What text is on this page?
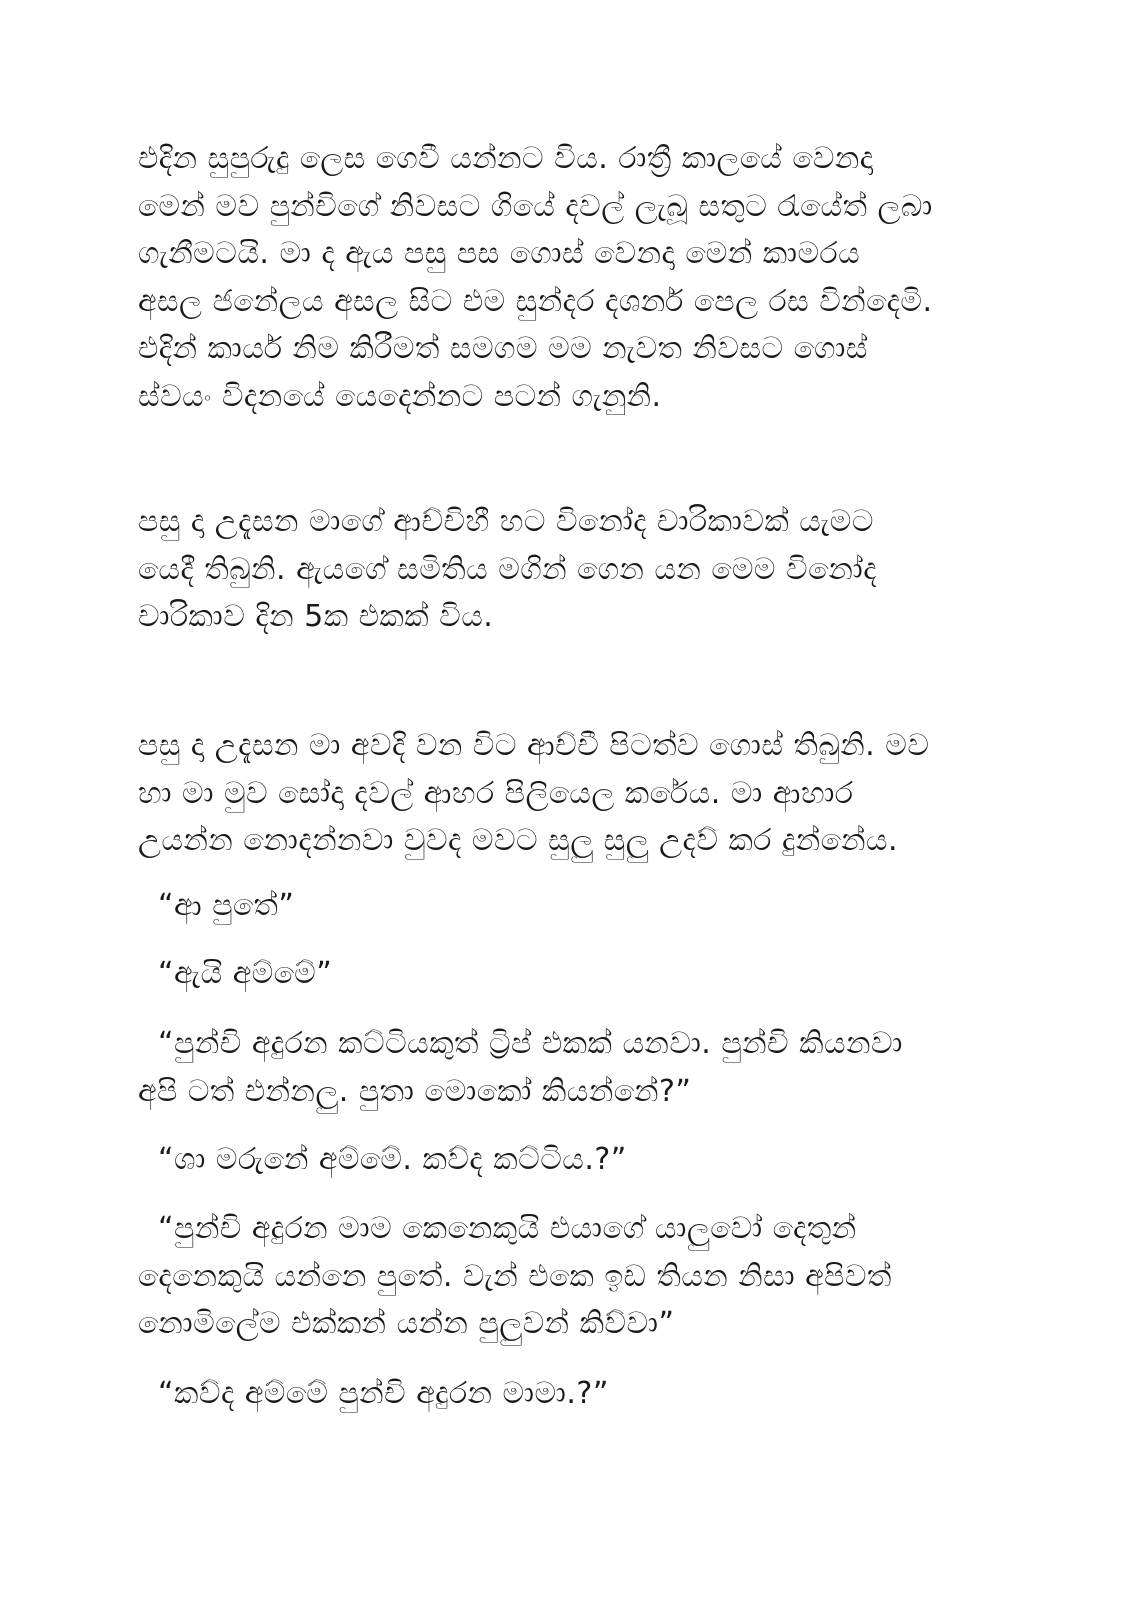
එදින සුපුරුදු ලෙස ගෙවී යන්නට විය. රාත්‍රී කාලයේ වෙනදා
මෙන් මව පුන්චිගේ නිවසට ගියේ දවල් ලැබූ සතුට රැයේත් ලබා
ගැනීමටයි. මා ද ඇය පසු පස ගොස් වෙනදා මෙන් කාමරය
අසල ජනේලය අසල සිට එම සුන්දර දශර්න පෙල රස වින්දෙමි.
එදින් කාර්ය නිම කිරීමත් සමගම මම නැවත නිවසට ගොස්
ස්වයං විදනයේ යෙදෙන්නට පටන් ගැනුනි.
පසු දා උදැසන මාගේ ආච්චිහී හට විනෝද චාරිකාවක් යැමට
යෙදී තිබුනි. ඇයගේ සමිතිය මගින් ගෙන යන මෙම විනෝද
චාරිකාව දින 5ක එකක් විය.
පසු දා උදැසන මා අවදි වන විට ආච්චී පිටත්ව ගොස් තිබුනි. මව
හා මා මුව සෝදා දවල් ආහර පිලියෙල කරේය. මා ආහාර
උයන්න නොදන්නවා වුවද මවට සුලු සුලු උදව් කර දුන්නේය.
“ආ පුතේ”
“ඇයි අම්මේ”
“පුන්චි අදුරන කට්ටියකුත් ට්‍රිප් එකක් යනවා. පුන්චි කියනවා
අපි ටත් එන්නලු. පුතා මොකෝ කියන්නේ?”
“ශා මරුනේ අම්මේ. කව්ද කට්ටිය.?”
“පුන්චි අදුරන මාම කෙනෙකුයි එයාගේ යාලුවෝ දෙතුන්
දෙනෙකුයි යන්නෙ පුතේ. වැන් එකෙ ඉඩ තියන නිසා අපිවත්
නොමිලේම එක්කන් යන්න පුලුවන් කිව්වා”
“කව්ද අම්මේ පුන්චි අදුරන මාමා.?”
